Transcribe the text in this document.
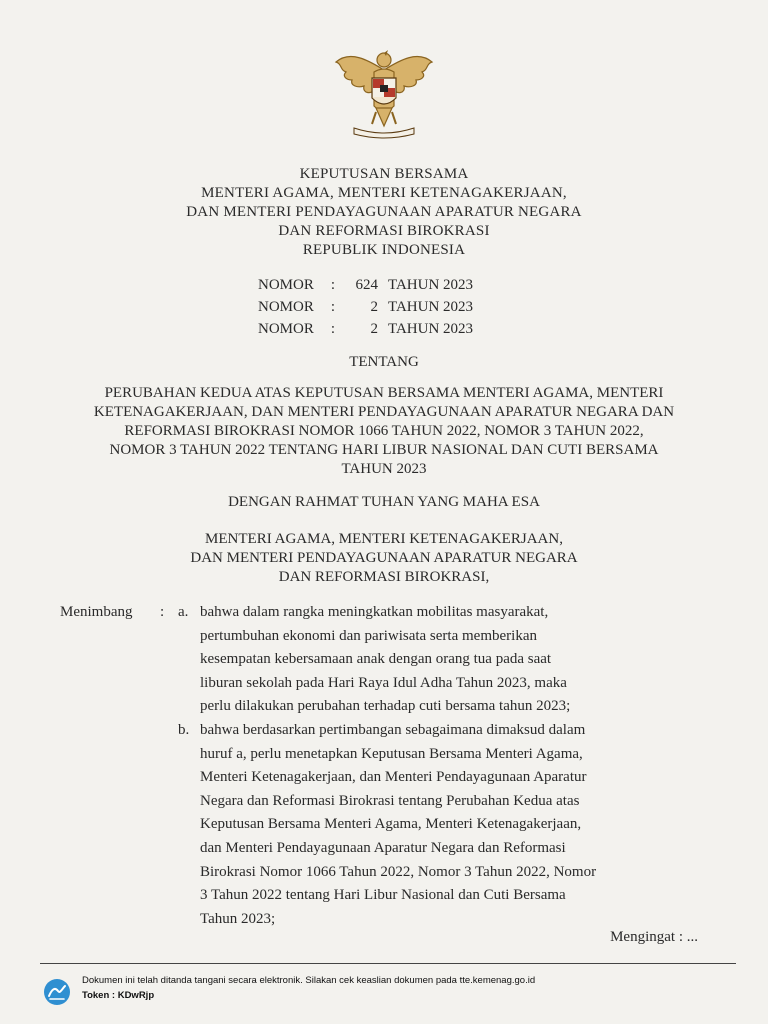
KEPUTUSAN BERSAMA
MENTERI AGAMA, MENTERI KETENAGAKERJAAN,
DAN MENTERI PENDAYAGUNAAN APARATUR NEGARA
DAN REFORMASI BIROKRASI
REPUBLIK INDONESIA
NOMOR	:	624 TAHUN 2023
NOMOR	:	2 TAHUN 2023
NOMOR	:	2 TAHUN 2023
TENTANG
PERUBAHAN KEDUA ATAS KEPUTUSAN BERSAMA MENTERI AGAMA, MENTERI
KETENAGAKERJAAN, DAN MENTERI PENDAYAGUNAAN APARATUR NEGARA DAN
REFORMASI BIROKRASI NOMOR 1066 TAHUN 2022, NOMOR 3 TAHUN 2022,
NOMOR 3 TAHUN 2022 TENTANG HARI LIBUR NASIONAL DAN CUTI BERSAMA
TAHUN 2023
DENGAN RAHMAT TUHAN YANG MAHA ESA
MENTERI AGAMA, MENTERI KETENAGAKERJAAN,
DAN MENTERI PENDAYAGUNAAN APARATUR NEGARA
DAN REFORMASI BIROKRASI,
Menimbang : a. bahwa dalam rangka meningkatkan mobilitas masyarakat,
pertumbuhan ekonomi dan pariwisata serta memberikan
kesempatan kebersamaan anak dengan orang tua pada saat
liburan sekolah pada Hari Raya Idul Adha Tahun 2023, maka
perlu dilakukan perubahan terhadap cuti bersama tahun 2023;
b. bahwa berdasarkan pertimbangan sebagaimana dimaksud dalam
huruf a, perlu menetapkan Keputusan Bersama Menteri Agama,
Menteri Ketenagakerjaan, dan Menteri Pendayagunaan Aparatur
Negara dan Reformasi Birokrasi tentang Perubahan Kedua atas
Keputusan Bersama Menteri Agama, Menteri Ketenagakerjaan,
dan Menteri Pendayagunaan Aparatur Negara dan Reformasi
Birokrasi Nomor 1066 Tahun 2022, Nomor 3 Tahun 2022, Nomor
3 Tahun 2022 tentang Hari Libur Nasional dan Cuti Bersama
Tahun 2023;
Mengingat : ...
Dokumen ini telah ditanda tangani secara elektronik. Silakan cek keaslian dokumen pada tte.kemenag.go.id
Token : KDwRjp
